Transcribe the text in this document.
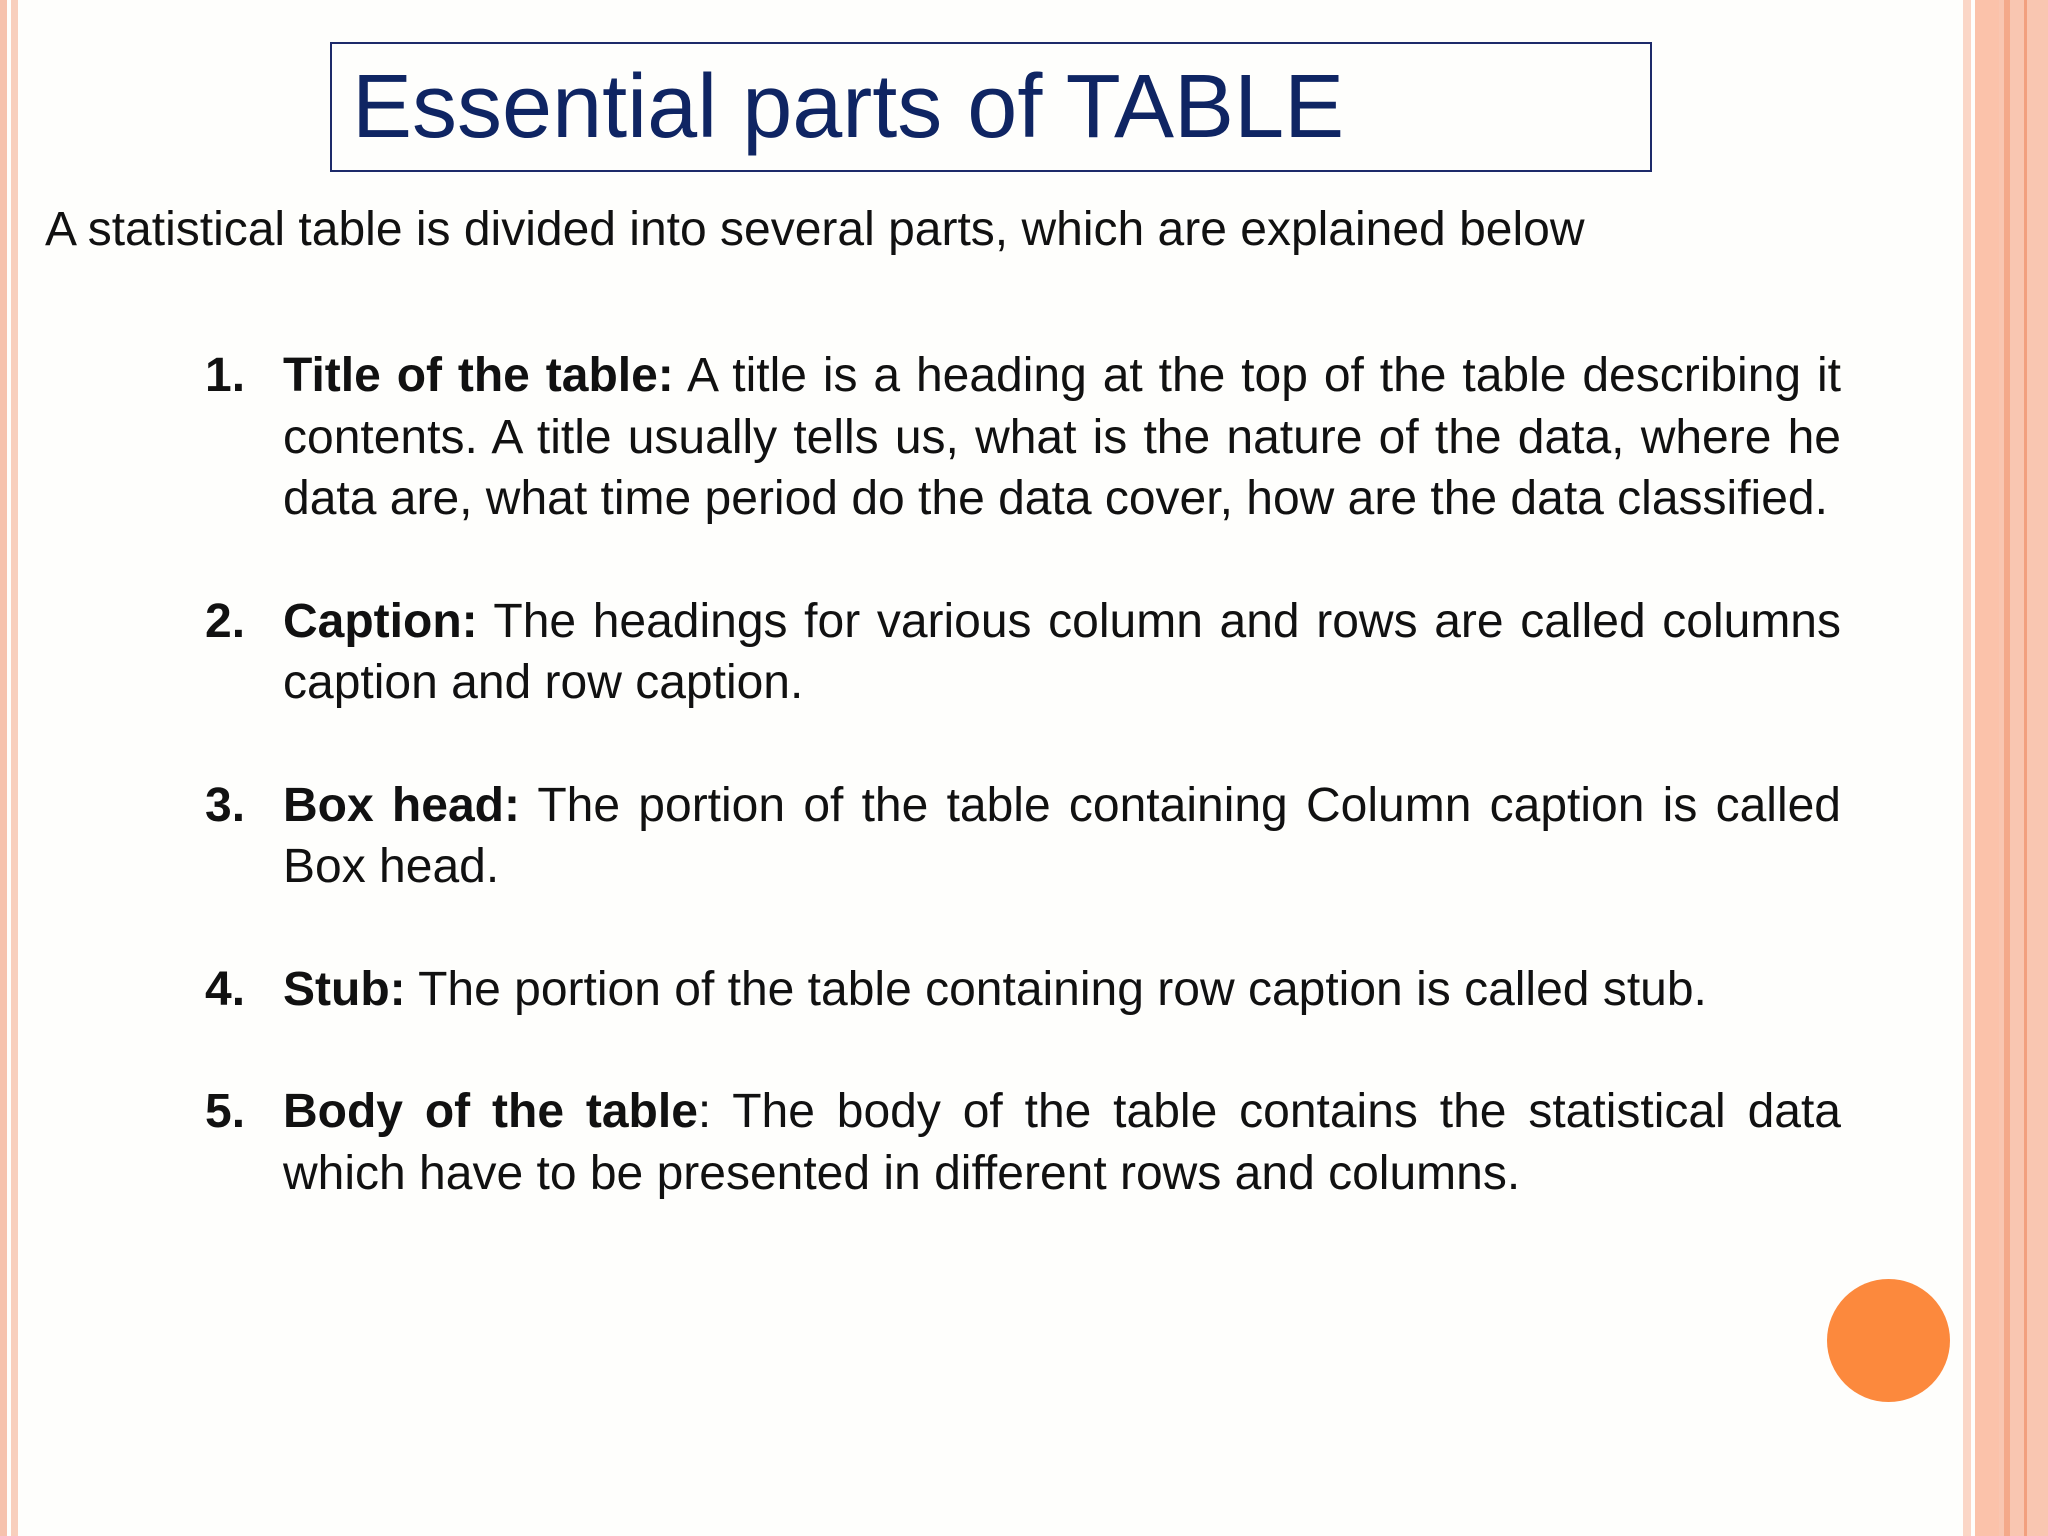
Essential parts of TABLE
A statistical table is divided into several parts, which are explained below
1. Title of the table: A title is a heading at the top of the table describing it contents. A title usually tells us, what is the nature of the data, where he data are, what time period do the data cover, how are the data classified.
2. Caption: The headings for various column and rows are called columns caption and row caption.
3. Box head: The portion of the table containing Column caption is called Box head.
4. Stub: The portion of the table containing row caption is called stub.
5. Body of the table: The body of the table contains the statistical data which have to be presented in different rows and columns.
